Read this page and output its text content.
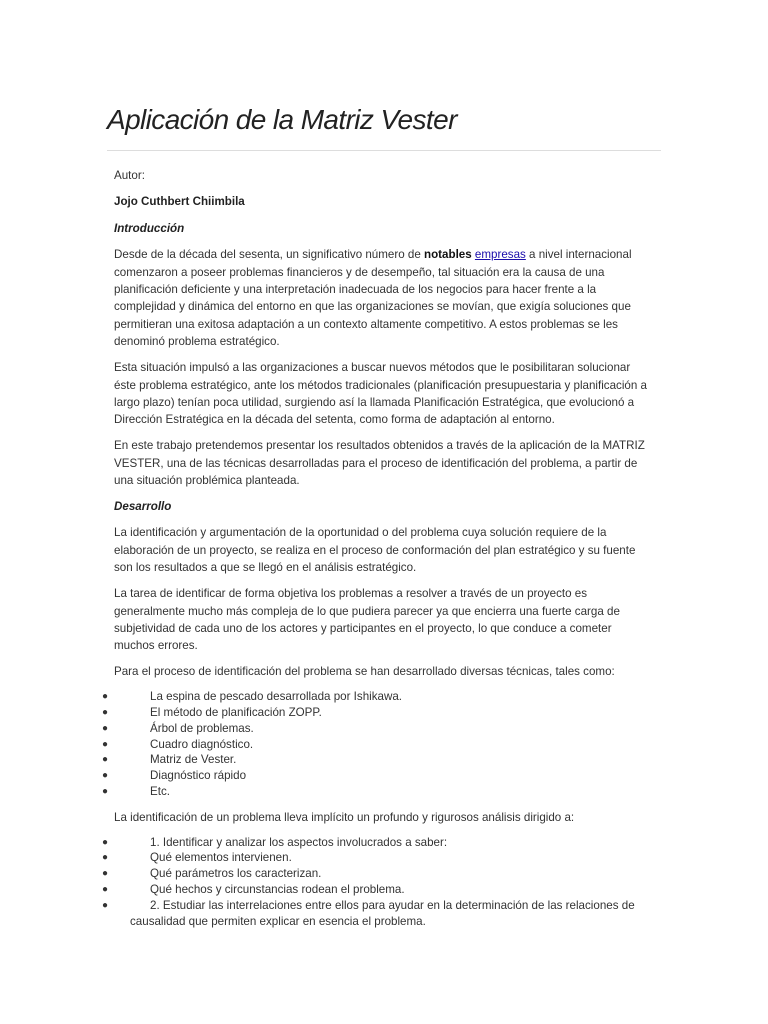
Aplicación de la Matriz Vester

Autor:

Jojo Cuthbert Chiimbila

Introducción

Desde de la década del sesenta, un significativo número de notables empresas a nivel internacional comenzaron a poseer problemas financieros y de desempeño, tal situación era la causa de una planificación deficiente y una interpretación inadecuada de los negocios para hacer frente a la complejidad y dinámica del entorno en que las organizaciones se movían, que exigía soluciones que permitieran una exitosa adaptación a un contexto altamente competitivo. A estos problemas se les denominó problema estratégico.

Esta situación impulsó a las organizaciones a buscar nuevos métodos que le posibilitaran solucionar éste problema estratégico, ante los métodos tradicionales (planificación presupuestaria y planificación a largo plazo) tenían poca utilidad, surgiendo así la llamada Planificación Estratégica, que evolucionó a Dirección Estratégica en la década del setenta, como forma de adaptación al entorno.

En este trabajo pretendemos presentar los resultados obtenidos a través de la aplicación de la MATRIZ VESTER, una de las técnicas desarrolladas para el proceso de identificación del problema, a partir de una situación problémica planteada.

Desarrollo

La identificación y argumentación de la oportunidad o del problema cuya solución requiere de la elaboración de un proyecto, se realiza en el proceso de conformación del plan estratégico y su fuente son los resultados a que se llegó en el análisis estratégico.

La tarea de identificar de forma objetiva los problemas a resolver a través de un proyecto es generalmente mucho más compleja de lo que pudiera parecer ya que encierra una fuerte carga de subjetividad de cada uno de los actores y participantes en el proyecto, lo que conduce a cometer muchos errores.

Para el proceso de identificación del problema se han desarrollado diversas técnicas, tales como:

●	La espina de pescado desarrollada por Ishikawa.
●	El método de planificación ZOPP.
●	Árbol de problemas.
●	Cuadro diagnóstico.
●	Matriz de Vester.
●	Diagnóstico rápido
●	Etc.

La identificación de un problema lleva implícito un profundo y rigurosos análisis dirigido a:

●	1. Identificar y analizar los aspectos involucrados a saber:
●	Qué elementos intervienen.
●	Qué parámetros los caracterizan.
●	Qué hechos y circunstancias rodean el problema.
●	2. Estudiar las interrelaciones entre ellos para ayudar en la determinación de las relaciones de causalidad que permiten explicar en esencia el problema.
